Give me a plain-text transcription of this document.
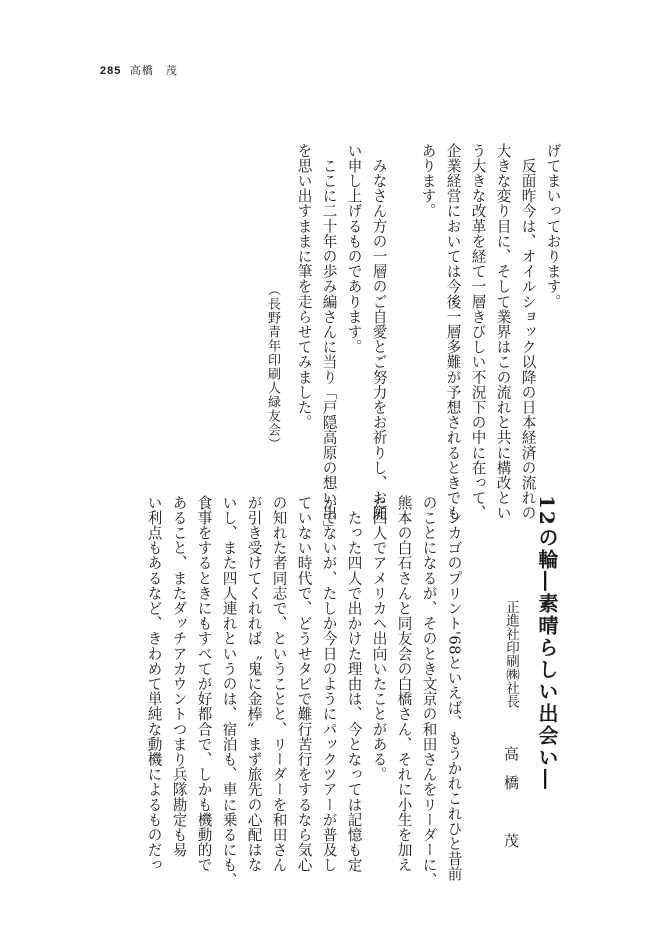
285 高橋　茂
げてまいっております。
　反面昨今は、オイルショック以降の日本経済の流れの
大きな変り目に、そして業界はこの流れと共に構改とい
う大きな改革を経て一層きびしい不況下の中に在って、
企業経営においては今後一層多難が予想されるときでも
あります。
　みなさん方の一層のご自愛とご努力をお祈りし、お願
い申し上げるものであります。
　ここに二十年の歩み編さんに当り「戸隠高原の想い出」
を思い出すままに筆を走らせてみました。
（長野青年印刷人緑友会）
12の輪―素晴らしい出会い―
正進社印刷㈱社長高橋　茂
　シカゴのプリント'68といえば、もうかれこれひと昔前
のことになるが、そのとき文京の和田さんをリーダーに、
熊本の白石さんと同友会の白橋さん、それに小生を加え
た四人でアメリカへ出向いたことがある。
　たった四人で出かけた理由は、今となっては記憶も定
かでないが、たしか今日のようにパックツアーが普及し
ていない時代で、どうせタビで難行苦行をするなら気心
の知れた者同志で、ということと、リーダーを和田さん
が引き受けてくれれば〝鬼に金棒〟まず旅先の心配はな
いし、また四人連れというのは、宿泊も、車に乗るにも、
食事をするときにもすべてが好都合で、しかも機動的で
あること、またダッチアカウントつまり兵隊勘定も易
い利点もあるなど、きわめて単純な動機によるものだっ
